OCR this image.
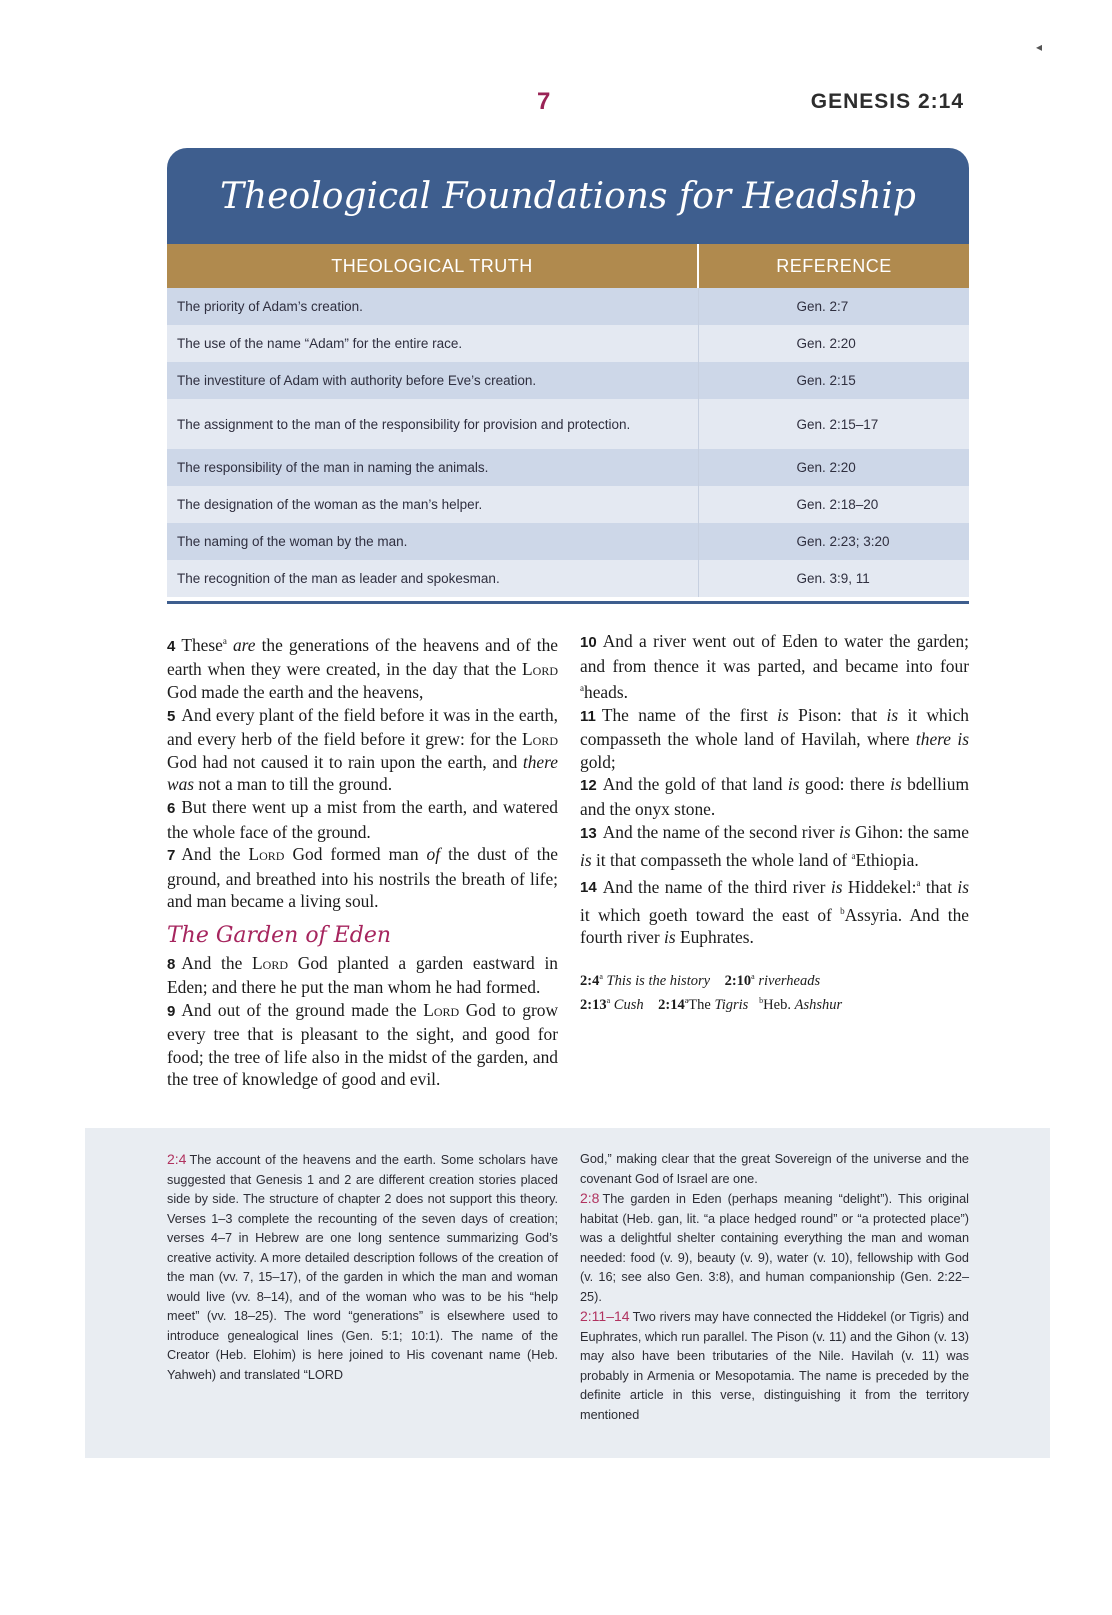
◂
7	GENESIS 2:14
Theological Foundations for Headship
THEOLOGICAL TRUTH	REFERENCE
The priority of Adam’s creation.	Gen. 2:7
The use of the name “Adam” for the entire race.	Gen. 2:20
The investiture of Adam with authority before Eve’s creation.	Gen. 2:15
The assignment to the man of the responsibility for provision and protection.	Gen. 2:15–17
The responsibility of the man in naming the animals.	Gen. 2:20
The designation of the woman as the man’s helper.	Gen. 2:18–20
The naming of the woman by the man.	Gen. 2:23; 3:20
The recognition of the man as leader and spokesman.	Gen. 3:9, 11

4 These$^a$ are the generations of the heavens and of the earth when they were created, in the day that the Lord God made the earth and the heavens,

5 And every plant of the field before it was in the earth, and every herb of the field before it grew: for the Lord God had not caused it to rain upon the earth, and there was not a man to till the ground.

6 But there went up a mist from the earth, and watered the whole face of the ground.

7 And the Lord God formed man of the dust of the ground, and breathed into his nostrils the breath of life; and man became a living soul.

The Garden of Eden

8 And the Lord God planted a garden eastward in Eden; and there he put the man whom he had formed.

9 And out of the ground made the Lord God to grow every tree that is pleasant to the sight, and good for food; the tree of life also in the midst of the garden, and the tree of knowledge of good and evil.

10 And a river went out of Eden to water the garden; and from thence it was parted, and became into four $^a$heads.

11 The name of the first is Pison: that is it which compasseth the whole land of Havilah, where there is gold;

12 And the gold of that land is good: there is bdellium and the onyx stone.

13 And the name of the second river is Gihon: the same is it that compasseth the whole land of $^a$Ethiopia.

14 And the name of the third river is Hiddekel:$^a$ that is it which goeth toward the east of $^b$Assyria. And the fourth river is Euphrates.

2:4$^a$ This is the history 2:10$^a$ riverheads
2:13$^a$ Cush 2:14$^a$The Tigris $^b$Heb. Ashshur

2:4 The account of the heavens and the earth. Some scholars have suggested that Genesis 1 and 2 are different creation stories placed side by side. The structure of chapter 2 does not support this theory. Verses 1–3 complete the recounting of the seven days of creation; verses 4–7 in Hebrew are one long sentence summarizing God’s creative activity. A more detailed description follows of the creation of the man (vv. 7, 15–17), of the garden in which the man and woman would live (vv. 8–14), and of the woman who was to be his “help meet” (vv. 18–25). The word “generations” is elsewhere used to introduce genealogical lines (Gen. 5:1; 10:1). The name of the Creator (Heb. Elohim) is here joined to His covenant name (Heb. Yahweh) and translated “LORD

God,” making clear that the great Sovereign of the universe and the covenant God of Israel are one.

2:8 The garden in Eden (perhaps meaning “delight”). This original habitat (Heb. gan, lit. “a place hedged round” or “a protected place”) was a delightful shelter containing everything the man and woman needed: food (v. 9), beauty (v. 9), water (v. 10), fellowship with God (v. 16; see also Gen. 3:8), and human companionship (Gen. 2:22–25).

2:11–14 Two rivers may have connected the Hiddekel (or Tigris) and Euphrates, which run parallel. The Pison (v. 11) and the Gihon (v. 13) may also have been tributaries of the Nile. Havilah (v. 11) was probably in Armenia or Mesopotamia. The name is preceded by the definite article in this verse, distinguishing it from the territory mentioned
